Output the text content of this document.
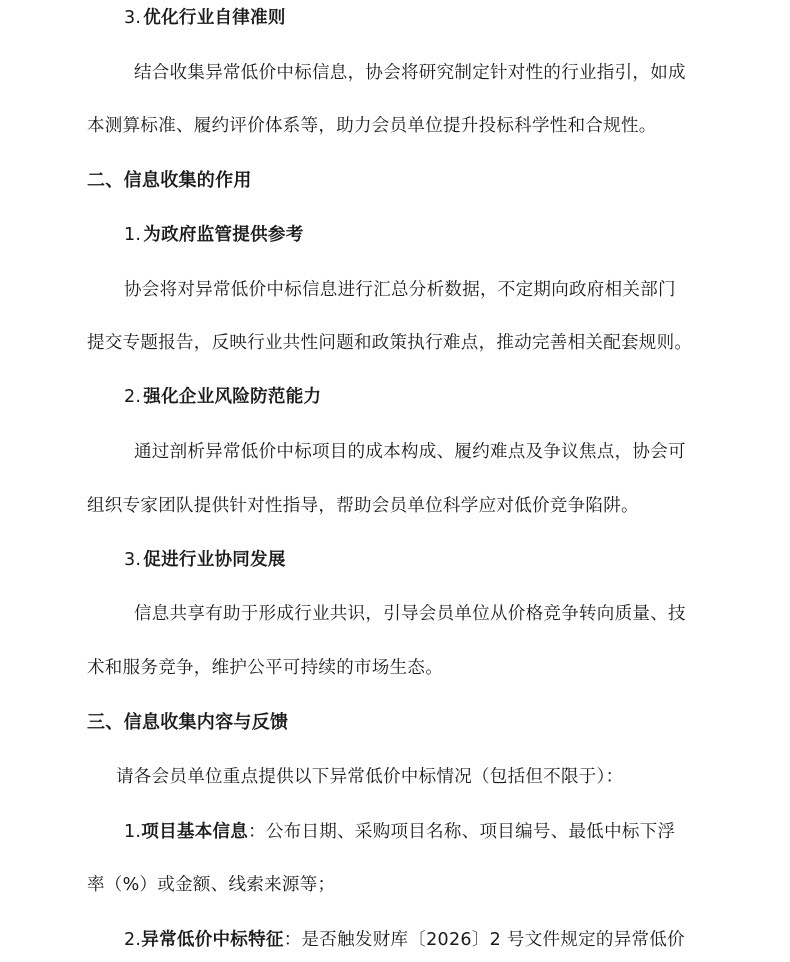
3. 优化行业自律准则
结合收集异常低价中标信息，协会将研究制定针对性的行业指引，如成
本测算标准、履约评价体系等，助力会员单位提升投标科学性和合规性。
二、信息收集的作用
1. 为政府监管提供参考
协会将对异常低价中标信息进行汇总分析数据，不定期向政府相关部门
提交专题报告，反映行业共性问题和政策执行难点，推动完善相关配套规则。
2. 强化企业风险防范能力
通过剖析异常低价中标项目的成本构成、履约难点及争议焦点，协会可
组织专家团队提供针对性指导，帮助会员单位科学应对低价竞争陷阱。
3. 促进行业协同发展
信息共享有助于形成行业共识，引导会员单位从价格竞争转向质量、技
术和服务竞争，维护公平可持续的市场生态。
三、信息收集内容与反馈
请各会员单位重点提供以下异常低价中标情况（包括但不限于）：
1.项目基本信息：公布日期、采购项目名称、项目编号、最低中标下浮
率（%）或金额、线索来源等；
2.异常低价中标特征：是否触发财库〔2026〕2 号文件规定的异常低价
